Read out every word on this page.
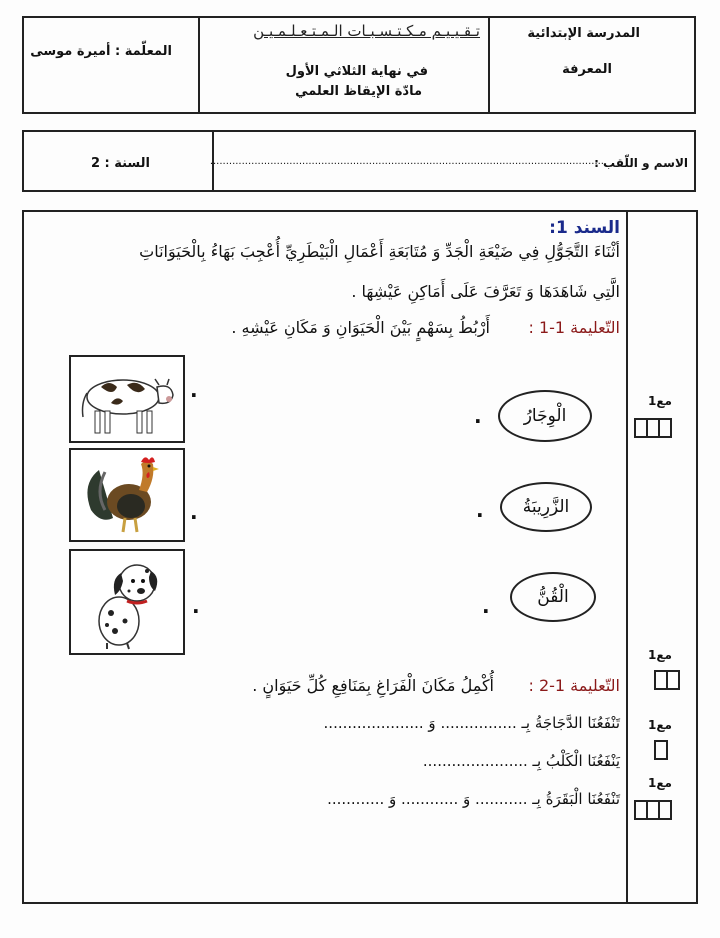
المدرسة الإبتدائية
المعرفة
تـقـيـيـم مـكـتـسـبـات الـمـتـعـلـمـيـن
في نهاية الثلاثي الأول
مادّة الإيقاظ العلمي
المعلّمة : أميرة موسى
الاسم و اللّقب :
............................................................................................................................
السنة : 2
السند 1:
أثْنَاءَ التَّجَوُّلِ فِي ضَيْعَةِ الْجَدِّ وَ مُتَابَعَةِ أَعْمَالِ الْبَيْطَرِيِّ أُعْجِبَ بَهَاءُ بِالْحَيَوَانَاتِ
الَّتِي شَاهَدَهَا وَ تَعَرَّفَ عَلَى أَمَاكِنِ عَيْشِهَا .
التّعليمة 1-1 :
أَرْبُطُ بِسَهْمٍ بَيْنَ الْحَيَوَانِ وَ مَكَانِ عَيْشِهِ .
.
.
.
الْوِجَارُ
الزَّرِيبَةُ
الْقُنُّ
.
.
.
التّعليمة 1-2 :
أُكْمِلُ مَكَانَ الْفَرَاغِ بِمَنَافِعِ كُلِّ حَيَوَانٍ .
تَنْفَعُنَا الدَّجَاجَةُ بِـ ................ وَ .....................
يَنْفَعُنَا الْكَلْبُ بِـ ......................
تَنْفَعُنَا الْبَقَرَةُ بِـ ........... وَ ............ وَ ............
مع1
مع1
مع1
مع1
